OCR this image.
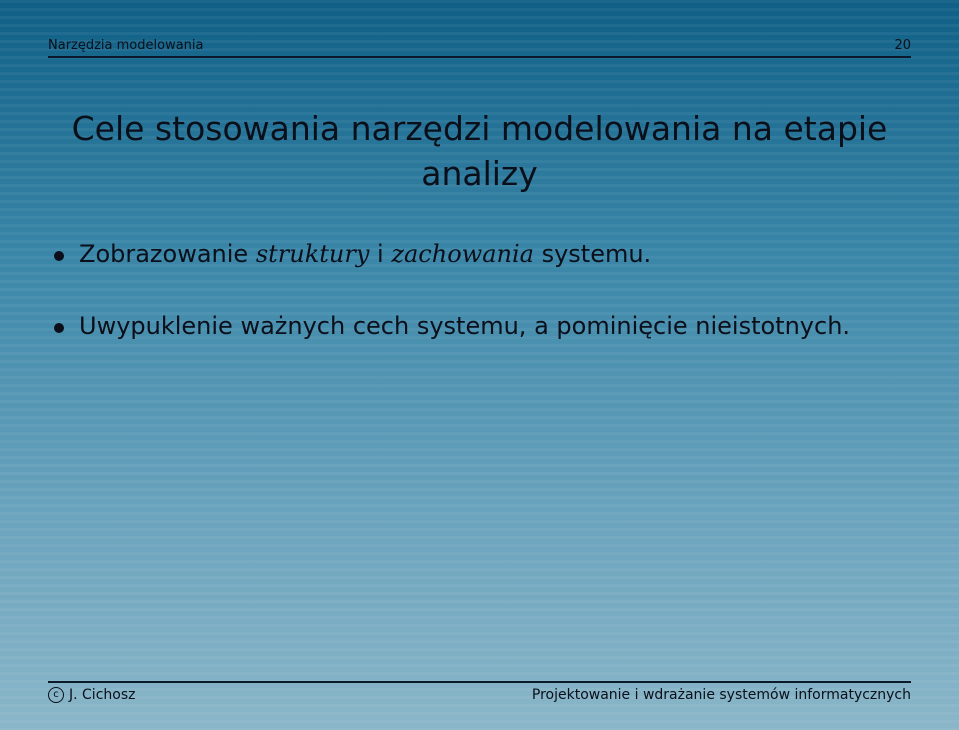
Narzędzia modelowania	20
Cele stosowania narzędzi modelowania na etapie analizy
Zobrazowanie struktury i zachowania systemu.
Uwypuklenie ważnych cech systemu, a pominięcie nieistotnych.
c J. Cichosz	Projektowanie i wdrażanie systemów informatycznych
